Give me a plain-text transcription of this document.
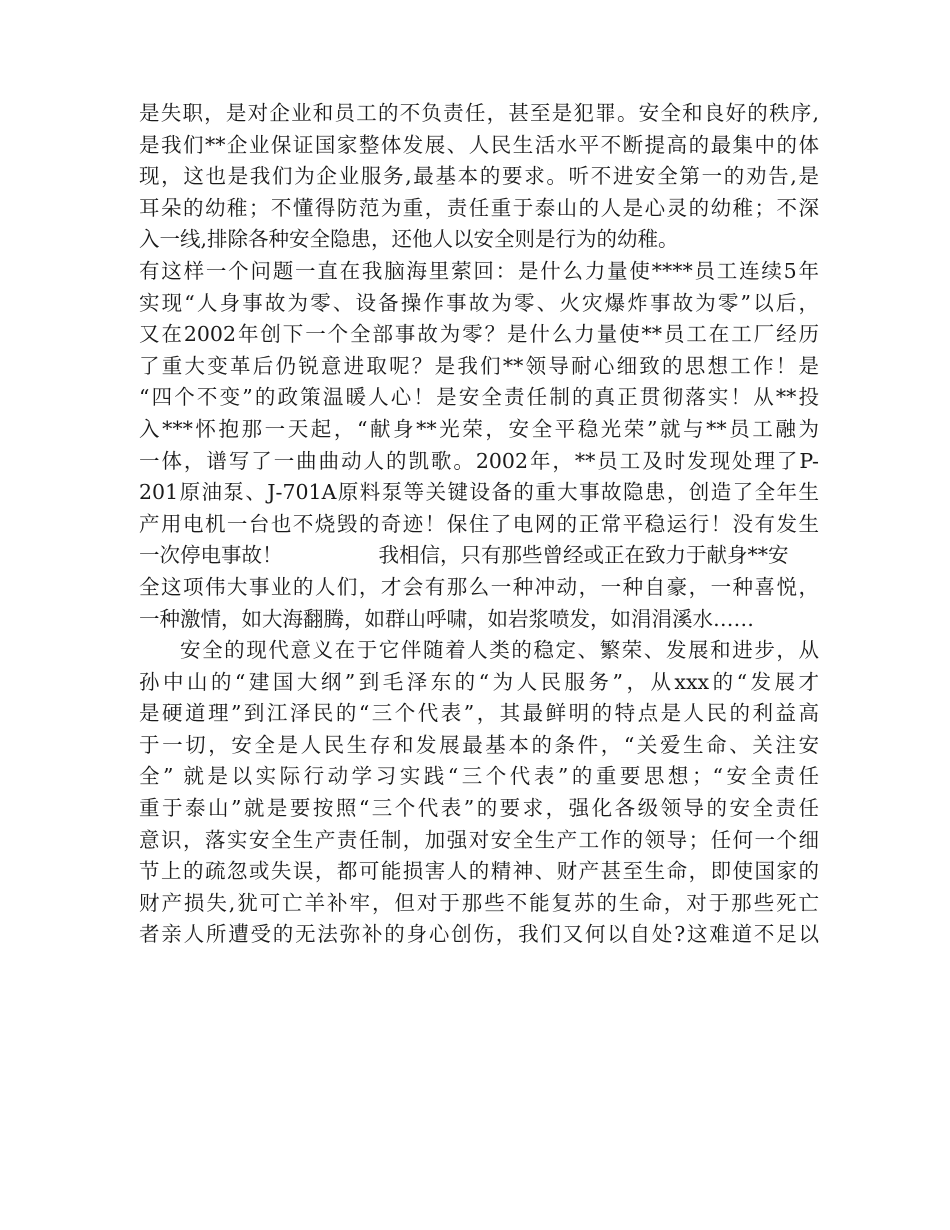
是失职，是对企业和员工的不负责任，甚至是犯罪。安全和良好的秩序,
是我们**企业保证国家整体发展、人民生活水平不断提高的最集中的体
现，这也是我们为企业服务,最基本的要求。听不进安全第一的劝告,是
耳朵的幼稚；不懂得防范为重，责任重于泰山的人是心灵的幼稚；不深
入一线,排除各种安全隐患，还他人以安全则是行为的幼稚。
有这样一个问题一直在我脑海里萦回：是什么力量使****员工连续5年
实现“人身事故为零、设备操作事故为零、火灾爆炸事故为零”以后，
又在2002年创下一个全部事故为零？是什么力量使**员工在工厂经历
了重大变革后仍锐意进取呢？是我们**领导耐心细致的思想工作！是
“四个不变”的政策温暖人心！是安全责任制的真正贯彻落实！从**投
入***怀抱那一天起，“献身**光荣，安全平稳光荣”就与**员工融为
一体，谱写了一曲曲动人的凯歌。2002年，**员工及时发现处理了P-
201原油泵、J-701A原料泵等关键设备的重大事故隐患，创造了全年生
产用电机一台也不烧毁的奇迹！保住了电网的正常平稳运行！没有发生
一次停电事故！	我相信，只有那些曾经或正在致力于献身**安
全这项伟大事业的人们，才会有那么一种冲动，一种自豪，一种喜悦，
一种激情，如大海翻腾，如群山呼啸，如岩浆喷发，如涓涓溪水……
安全的现代意义在于它伴随着人类的稳定、繁荣、发展和进步，从
孙中山的“建国大纲”到毛泽东的“为人民服务”，从xxx的“发展才
是硬道理”到江泽民的“三个代表”，其最鲜明的特点是人民的利益高
于一切，安全是人民生存和发展最基本的条件，“关爱生命、关注安
全” 就是以实际行动学习实践“三个代表”的重要思想；“安全责任
重于泰山”就是要按照“三个代表”的要求，强化各级领导的安全责任
意识，落实安全生产责任制，加强对安全生产工作的领导；任何一个细
节上的疏忽或失误，都可能损害人的精神、财产甚至生命，即使国家的
财产损失,犹可亡羊补牢，但对于那些不能复苏的生命，对于那些死亡
者亲人所遭受的无法弥补的身心创伤，我们又何以自处?这难道不足以
